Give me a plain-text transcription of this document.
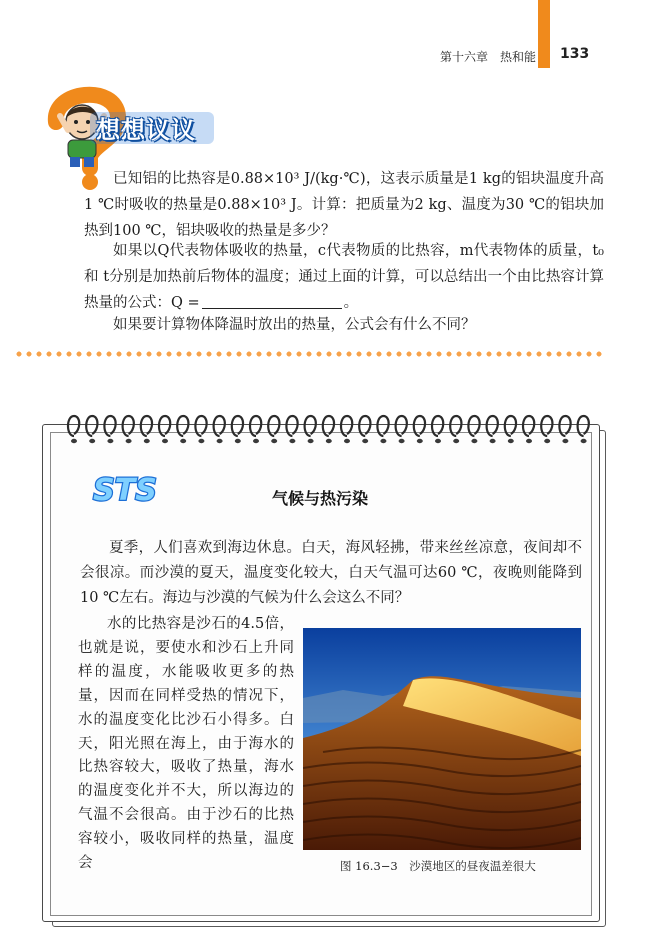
第十六章　热和能 133
想想议议
已知铝的比热容是0.88×10³ J/(kg·℃)，这表示质量是1 kg的铝块温度升高1 ℃时吸收的热量是0.88×10³ J。计算：把质量为2 kg、温度为30 ℃的铝块加热到100 ℃，铝块吸收的热量是多少？
如果以Q代表物体吸收的热量，c代表物质的比热容，m代表物体的质量，t₀和 t分别是加热前后物体的温度；通过上面的计算，可以总结出一个由比热容计算热量的公式：Q =	。
如果要计算物体降温时放出的热量，公式会有什么不同？
STS	气候与热污染
夏季，人们喜欢到海边休息。白天，海风轻拂，带来丝丝凉意，夜间却不会很凉。而沙漠的夏天，温度变化较大，白天气温可达60 ℃，夜晚则能降到10 ℃左右。海边与沙漠的气候为什么会这么不同？
水的比热容是沙石的4.5倍，也就是说，要使水和沙石上升同样的温度，水能吸收更多的热量，因而在同样受热的情况下，水的温度变化比沙石小得多。白天，阳光照在海上，由于海水的比热容较大，吸收了热量，海水的温度变化并不大，所以海边的气温不会很高。由于沙石的比热容较小，吸收同样的热量，温度会	图 16.3−3　沙漠地区的昼夜温差很大
